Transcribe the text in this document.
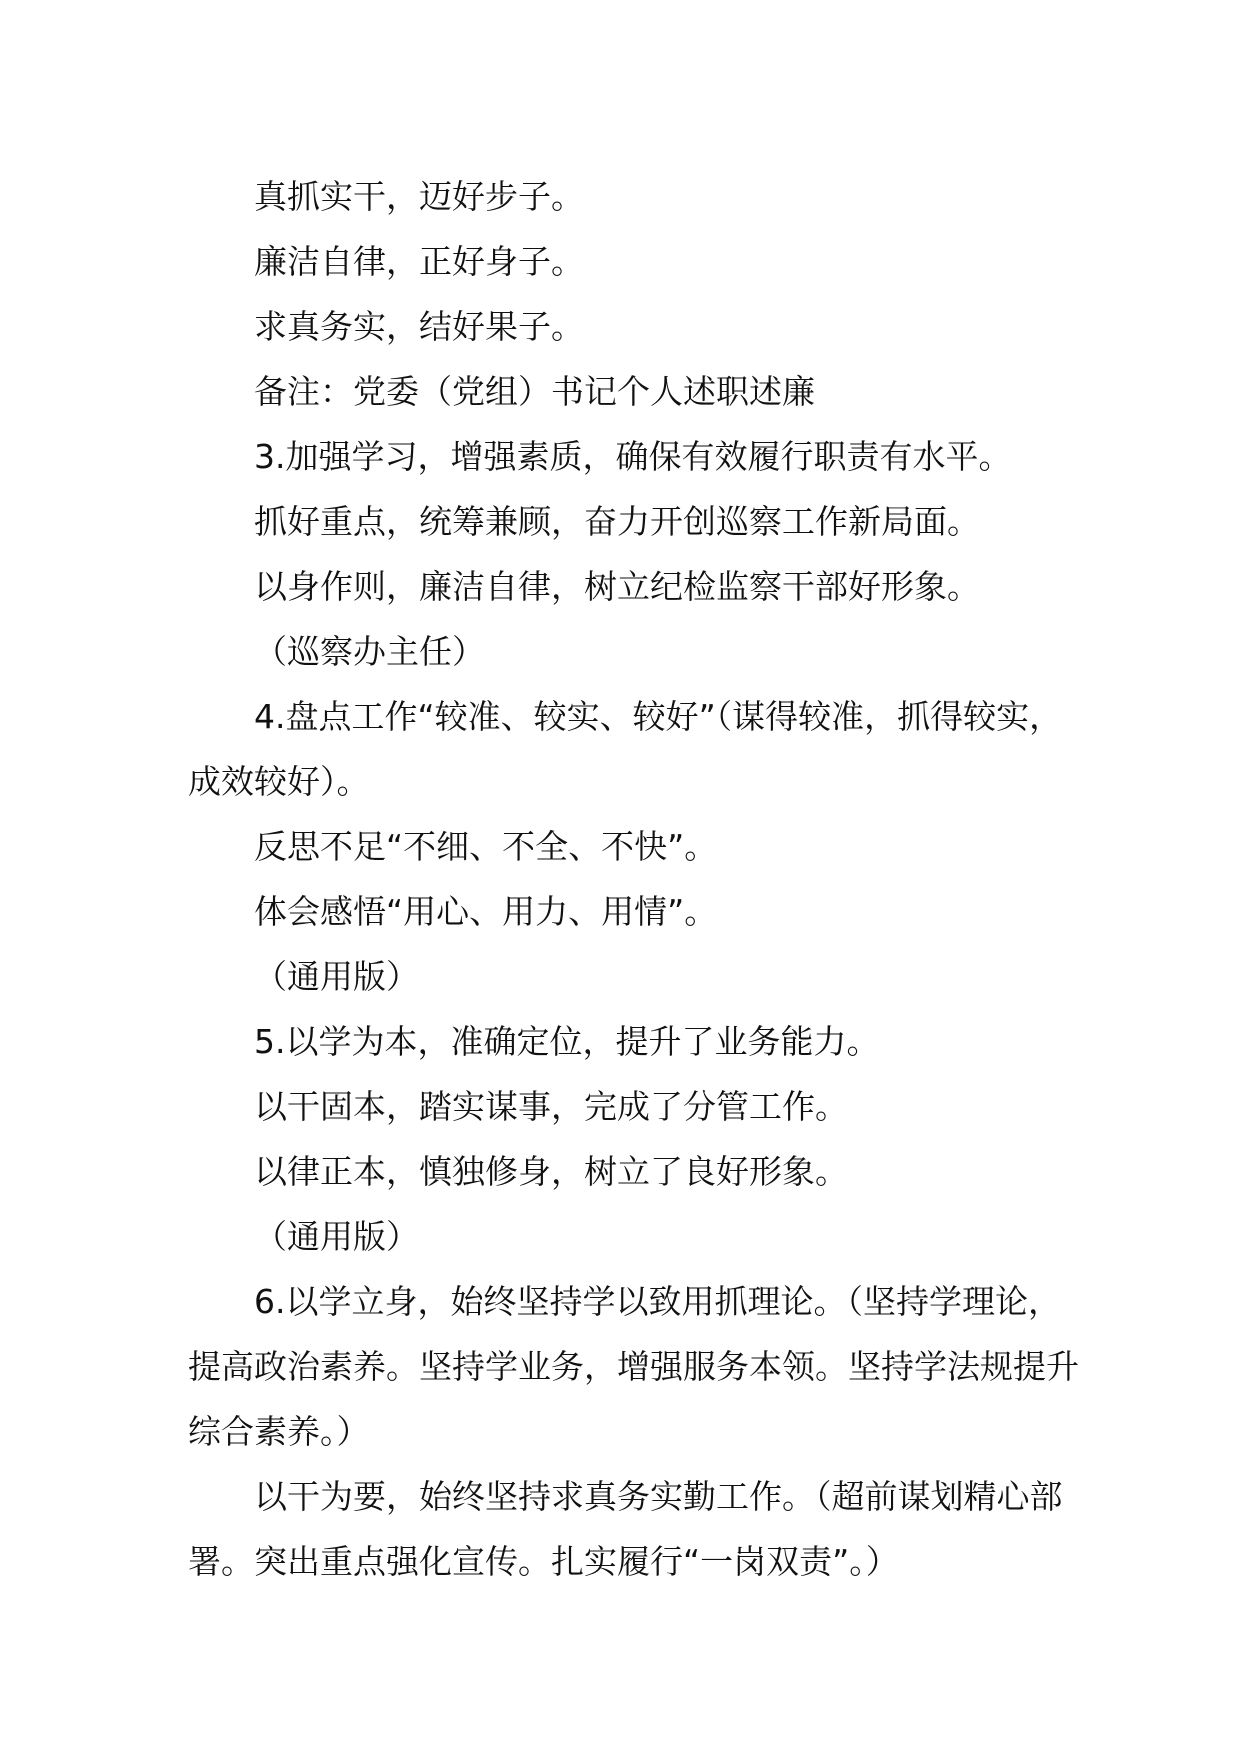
真抓实干，迈好步子。

廉洁自律，正好身子。

求真务实，结好果子。

备注：党委（党组）书记个人述职述廉

3.加强学习，增强素质，确保有效履行职责有水平。

抓好重点，统筹兼顾，奋力开创巡察工作新局面。

以身作则，廉洁自律，树立纪检监察干部好形象。

（巡察办主任）

4.盘点工作“较准、较实、较好”（谋得较准，抓得较实，成效较好）。

反思不足“不细、不全、不快”。

体会感悟“用心、用力、用情”。

（通用版）

5.以学为本，准确定位，提升了业务能力。

以干固本，踏实谋事，完成了分管工作。

以律正本，慎独修身，树立了良好形象。

（通用版）

6.以学立身，始终坚持学以致用抓理论。（坚持学理论，提高政治素养。坚持学业务，增强服务本领。坚持学法规提升综合素养。）

以干为要，始终坚持求真务实勤工作。（超前谋划精心部署。突出重点强化宣传。扎实履行“一岗双责”。）
